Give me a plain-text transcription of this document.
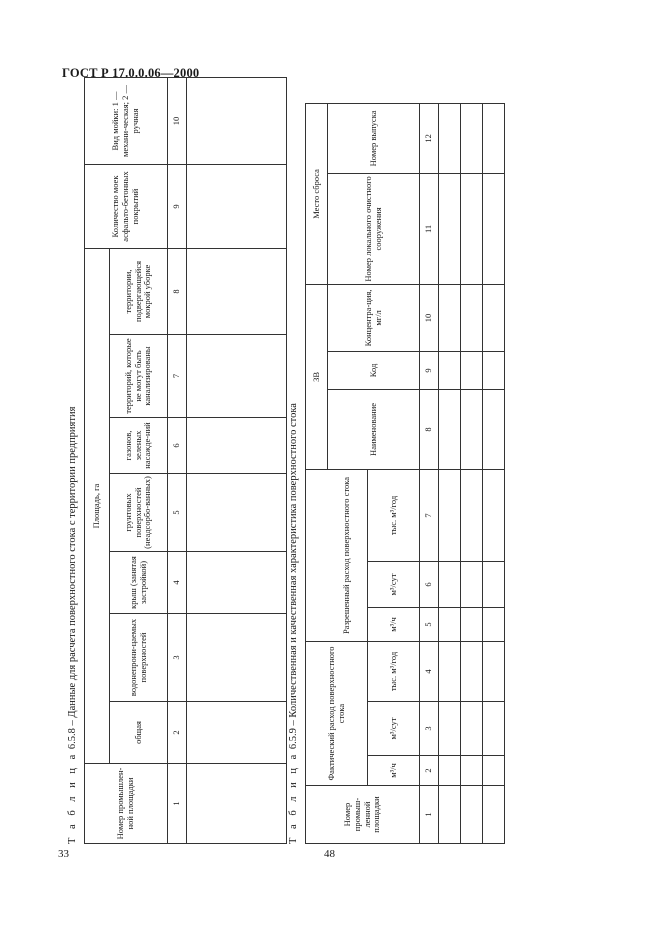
ГОСТ Р 17.0.0.06—2000
Т а б л и ц а 6.5.8 – Данные для расчета поверхностного стока с территории предприятия
Номер промышлен-ной площадки	Площадь, га							Количество моек асфальто-бетонных покрытий	Вид мойки: 1 — механи-ческая; 2 — ручная	
	общая	водонепрони-цаемых поверхностей	крыш (занятая застройкой)	грунтовых поверхностей (неадсорбо-ванных)	газонов, зеленых насажде-ний	территорий, которые не могут быть канализированы	территории, подвергающейся мокрой уборке			
1	2	3	4	5	6	7	8	9	10	

Т а б л и ц а 6.5.9 – Количественная и качественная характеристика поверхностного стока
Номер промыш-ленной площадки	Фактический расход поверхностного стока						ЗВ			Место сброса	
				Разрешенный расход поверхностного стока			Наименование	Код	Концентра-ция, мг/л	Номер локального очистного сооружения	Номер выпуска
	м³/ч	м³/сут	тыс. м³/год	м³/ч	м³/сут	тыс. м³/год					
1	2	3	4	5	6	7	8	9	10	11	12

33	48
